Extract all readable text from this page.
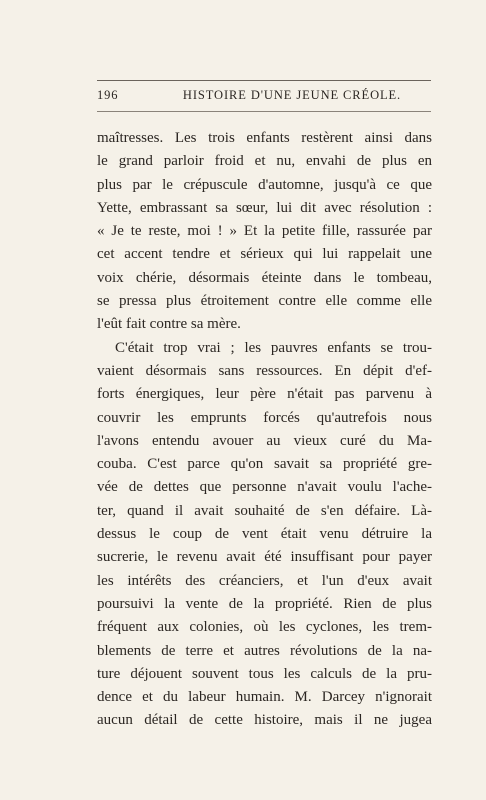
196	HISTOIRE D'UNE JEUNE CRÉOLE.
maîtresses. Les trois enfants restèrent ainsi dans
le grand parloir froid et nu, envahi de plus en
plus par le crépuscule d'automne, jusqu'à ce que
Yette, embrassant sa sœur, lui dit avec résolution :
« Je te reste, moi ! » Et la petite fille, rassurée par
cet accent tendre et sérieux qui lui rappelait une
voix chérie, désormais éteinte dans le tombeau,
se pressa plus étroitement contre elle comme elle
l'eût fait contre sa mère.
C'était trop vrai ; les pauvres enfants se trou-
vaient désormais sans ressources. En dépit d'ef-
forts énergiques, leur père n'était pas parvenu à
couvrir les emprunts forcés qu'autrefois nous
l'avons entendu avouer au vieux curé du Ma-
couba. C'est parce qu'on savait sa propriété gre-
vée de dettes que personne n'avait voulu l'ache-
ter, quand il avait souhaité de s'en défaire. Là-
dessus le coup de vent était venu détruire la
sucrerie, le revenu avait été insuffisant pour payer
les intérêts des créanciers, et l'un d'eux avait
poursuivi la vente de la propriété. Rien de plus
fréquent aux colonies, où les cyclones, les trem-
blements de terre et autres révolutions de la na-
ture déjouent souvent tous les calculs de la pru-
dence et du labeur humain. M. Darcey n'ignorait
aucun détail de cette histoire, mais il ne jugea
